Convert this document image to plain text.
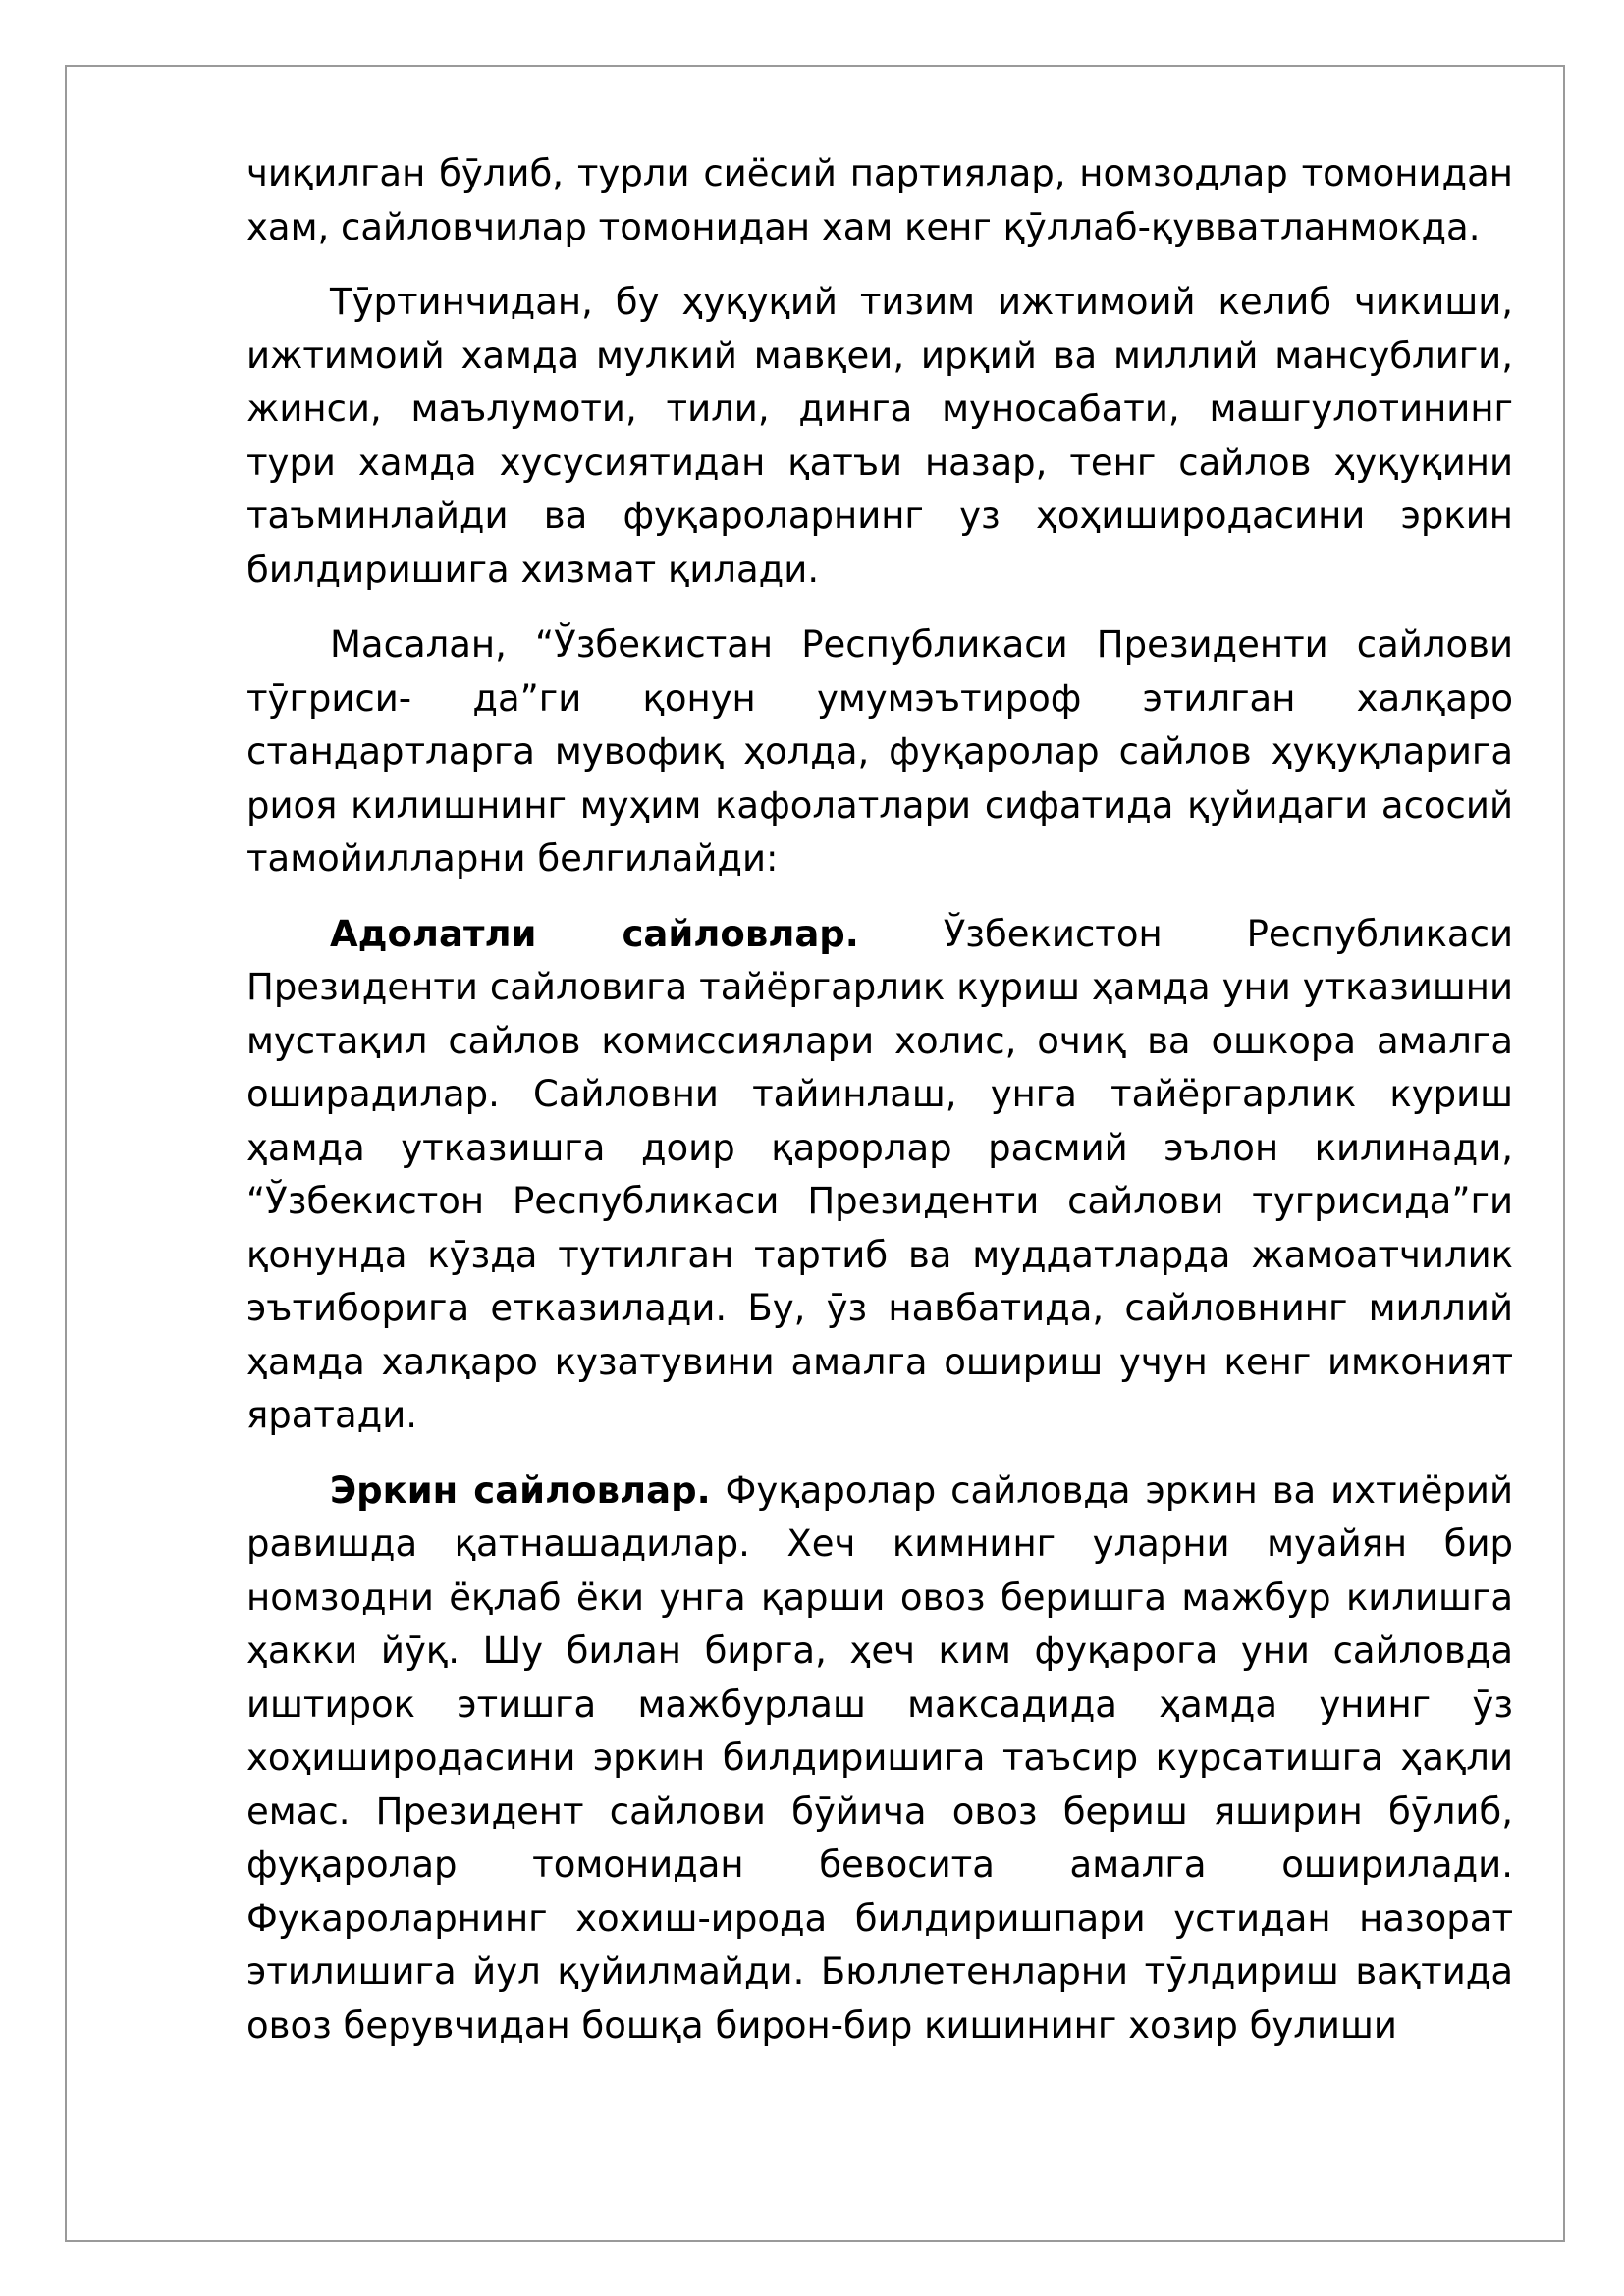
чиқилган бӯлиб, турли сиёсий партиялар, номзодлар томонидан хам, сайловчилар томонидан хам кенг қӯллаб-қувватланмокда.

Тӯртинчидан, бу ҳуқуқий тизим ижтимоий келиб чикиши, ижтимоий хамда мулкий мавқеи, ирқий ва миллий мансублиги, жинси, маълумоти, тили, динга муносабати, машгулотининг тури хамда хусусиятидан қатъи назар, тенг сайлов ҳуқуқини таъминлайди ва фуқароларнинг уз ҳоҳиширодасини эркин билдиришига хизмат қилади.

Масалан, “Ўзбекистан Республикаси Президенти сайлови тӯгриси- да”ги қонун умумэътироф этилган халқаро стандартларга мувофиқ ҳолда, фуқаролар сайлов ҳуқуқларига риоя килишнинг муҳим кафолатлари сифатида қуйидаги асосий тамойилларни белгилайди:

Адолатли сайловлар. Ўзбекистон Республикаси Президенти сайловига тайёргарлик куриш ҳамда уни утказишни мустақил сайлов комиссиялари холис, очиқ ва ошкора амалга оширадилар. Сайловни тайинлаш, унга тайёргарлик куриш ҳамда утказишга доир қарорлар расмий эълон килинади, “Ўзбекистон Республикаси Президенти сайлови тугрисида”ги қонунда кӯзда тутилган тартиб ва муддатларда жамоатчилик эътиборига етказилади. Бу, ӯз навбатида, сайловнинг миллий ҳамда халқаро кузатувини амалга ошириш учун кенг имконият яратади.

Эркин сайловлар. Фуқаролар сайловда эркин ва ихтиёрий равишда қатнашадилар. Хеч кимнинг уларни муайян бир номзодни ёқлаб ёки унга қарши овоз беришга мажбур килишга ҳакки йӯқ. Шу билан бирга, ҳеч ким фуқарога уни сайловда иштирок этишга мажбурлаш максадида ҳамда унинг ӯз хоҳиширодасини эркин билдиришига таъсир курсатишга ҳақли емас. Президент сайлови бӯйича овоз бериш яширин бӯлиб, фуқаролар томонидан бевосита амалга оширилади. Фукароларнинг хохиш-ирода билдиришпари устидан назорат этилишига йул қуйилмайди. Бюллетенларни тӯлдириш вақтида овоз берувчидан бошқа бирон-бир кишининг хозир булиши
